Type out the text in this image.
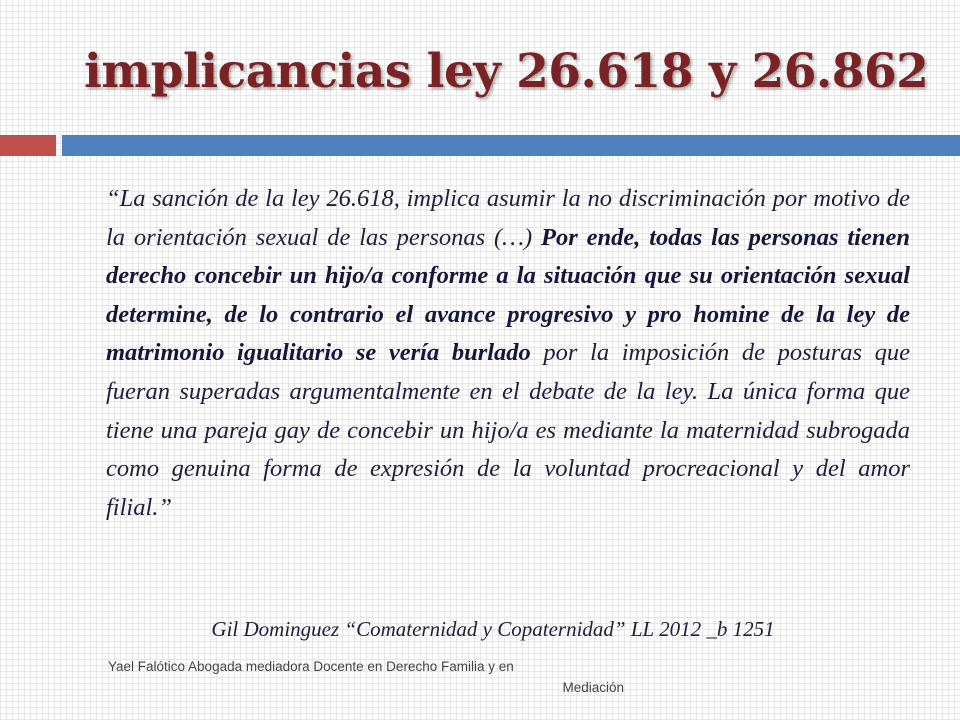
implicancias ley 26.618 y 26.862

“La sanción de la ley 26.618, implica asumir la no discriminación por motivo de la orientación sexual de las personas (…) Por ende, todas las personas tienen derecho concebir un hijo/a conforme a la situación que su orientación sexual determine, de lo contrario el avance progresivo y pro homine de la ley de matrimonio igualitario se vería burlado por la imposición de posturas que fueran superadas argumentalmente en el debate de la ley. La única forma que tiene una pareja gay de concebir un hijo/a es mediante la maternidad subrogada como genuina forma de expresión de la voluntad procreacional y del amor filial.”

Gil Dominguez “Comaternidad y Copaternidad” LL 2012 _b 1251

Yael Falótico Abogada mediadora Docente en Derecho Familia y en
Mediación
